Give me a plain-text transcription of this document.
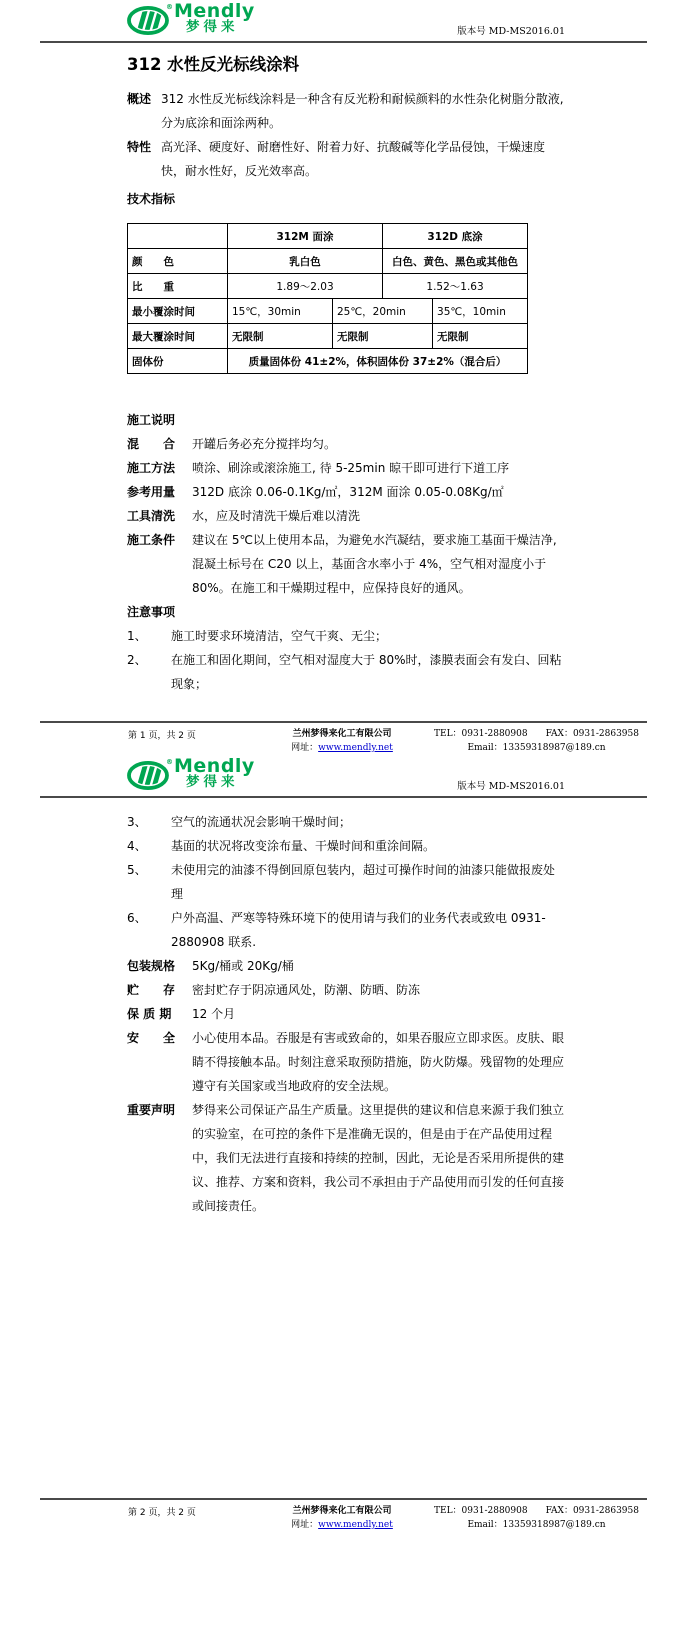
® Mendly
梦得来	版本号 MD-MS2016.01
312 水性反光标线涂料
概述 312 水性反光标线涂料是一种含有反光粉和耐候颜料的水性杂化树脂分散液, 分为底涂和面涂两种。
特性 高光泽、硬度好、耐磨性好、附着力好、抗酸碱等化学品侵蚀，干燥速度快，耐水性好，反光效率高。
技术指标
	312M 面涂		312D 底涂	
颜　　色	乳白色		白色、黄色、黑色或其他色	
比　　重	1.89～2.03		1.52～1.63	
最小覆涂时间	15℃，30min	25℃，20min		35℃，10min
最大覆涂时间	无限制	无限制		无限制
固体份	质量固体份 41±2%，体积固体份 37±2%（混合后）			
施工说明
混　　合	开罐后务必充分搅拌均匀。
施工方法	喷涂、刷涂或滚涂施工, 待 5-25min 晾干即可进行下道工序
参考用量	312D 底涂 0.06-0.1Kg/㎡，312M 面涂 0.05-0.08Kg/㎡
工具清洗	水，应及时清洗干燥后难以清洗
施工条件	建议在 5℃以上使用本品，为避免水汽凝结，要求施工基面干燥洁净, 混凝土标号在 C20 以上，基面含水率小于 4%，空气相对湿度小于 80%。在施工和干燥期过程中，应保持良好的通风。
注意事项
1、	施工时要求环境清洁，空气干爽、无尘；
2、	在施工和固化期间，空气相对湿度大于 80%时，漆膜表面会有发白、回粘现象；
第 1 页，共 2 页	兰州梦得来化工有限公司
网址：www.mendly.net
TEL：0931-2880908 FAX：0931-2863958
Email：13359318987@189.cn
® Mendly
梦得来	版本号 MD-MS2016.01
3、	空气的流通状况会影响干燥时间；
4、	基面的状况将改变涂布量、干燥时间和重涂间隔。
5、	未使用完的油漆不得倒回原包装内，超过可操作时间的油漆只能做报废处理
6、	户外高温、严寒等特殊环境下的使用请与我们的业务代表或致电 0931-2880908 联系.
包装规格	5Kg/桶或 20Kg/桶
贮　　存	密封贮存于阴凉通风处，防潮、防晒、防冻
保 质 期	12 个月
安　　全	小心使用本品。吞服是有害或致命的，如果吞服应立即求医。皮肤、眼睛不得接触本品。时刻注意采取预防措施，防火防爆。残留物的处理应遵守有关国家或当地政府的安全法规。
重要声明	梦得来公司保证产品生产质量。这里提供的建议和信息来源于我们独立的实验室，在可控的条件下是准确无误的，但是由于在产品使用过程中，我们无法进行直接和持续的控制，因此，无论是否采用所提供的建议、推荐、方案和资料，我公司不承担由于产品使用而引发的任何直接或间接责任。
第 2 页，共 2 页	兰州梦得来化工有限公司
网址：www.mendly.net
TEL：0931-2880908 FAX：0931-2863958
Email：13359318987@189.cn
